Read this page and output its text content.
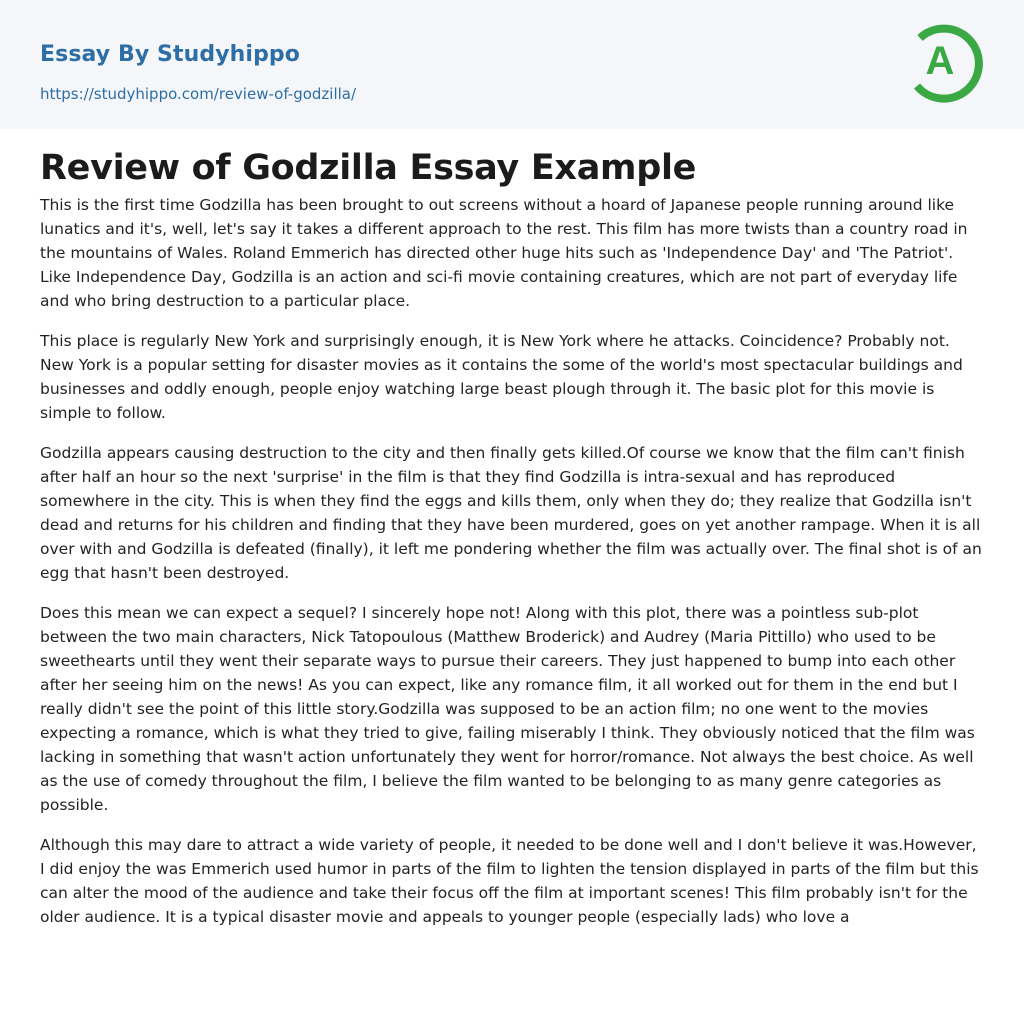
Essay By Studyhippo
https://studyhippo.com/review-of-godzilla/
A
Review of Godzilla Essay Example

This is the first time Godzilla has been brought to out screens without a hoard of Japanese people running around like lunatics and it's, well, let's say it takes a different approach to the rest. This film has more twists than a country road in the mountains of Wales. Roland Emmerich has directed other huge hits such as 'Independence Day' and 'The Patriot'. Like Independence Day, Godzilla is an action and sci-fi movie containing creatures, which are not part of everyday life and who bring destruction to a particular place.

This place is regularly New York and surprisingly enough, it is New York where he attacks. Coincidence? Probably not. New York is a popular setting for disaster movies as it contains the some of the world's most spectacular buildings and businesses and oddly enough, people enjoy watching large beast plough through it. The basic plot for this movie is simple to follow.

Godzilla appears causing destruction to the city and then finally gets killed.Of course we know that the film can't finish after half an hour so the next 'surprise' in the film is that they find Godzilla is intra-sexual and has reproduced somewhere in the city. This is when they find the eggs and kills them, only when they do; they realize that Godzilla isn't dead and returns for his children and finding that they have been murdered, goes on yet another rampage. When it is all over with and Godzilla is defeated (finally), it left me pondering whether the film was actually over. The final shot is of an egg that hasn't been destroyed.

Does this mean we can expect a sequel? I sincerely hope not! Along with this plot, there was a pointless sub-plot between the two main characters, Nick Tatopoulous (Matthew Broderick) and Audrey (Maria Pittillo) who used to be sweethearts until they went their separate ways to pursue their careers. They just happened to bump into each other after her seeing him on the news! As you can expect, like any romance film, it all worked out for them in the end but I really didn't see the point of this little story.Godzilla was supposed to be an action film; no one went to the movies expecting a romance, which is what they tried to give, failing miserably I think. They obviously noticed that the film was lacking in something that wasn't action unfortunately they went for horror/romance. Not always the best choice. As well as the use of comedy throughout the film, I believe the film wanted to be belonging to as many genre categories as possible.

Although this may dare to attract a wide variety of people, it needed to be done well and I don't believe it was.However, I did enjoy the was Emmerich used humor in parts of the film to lighten the tension displayed in parts of the film but this can alter the mood of the audience and take their focus off the film at important scenes! This film probably isn't for the older audience. It is a typical disaster movie and appeals to younger people (especially lads) who love a
